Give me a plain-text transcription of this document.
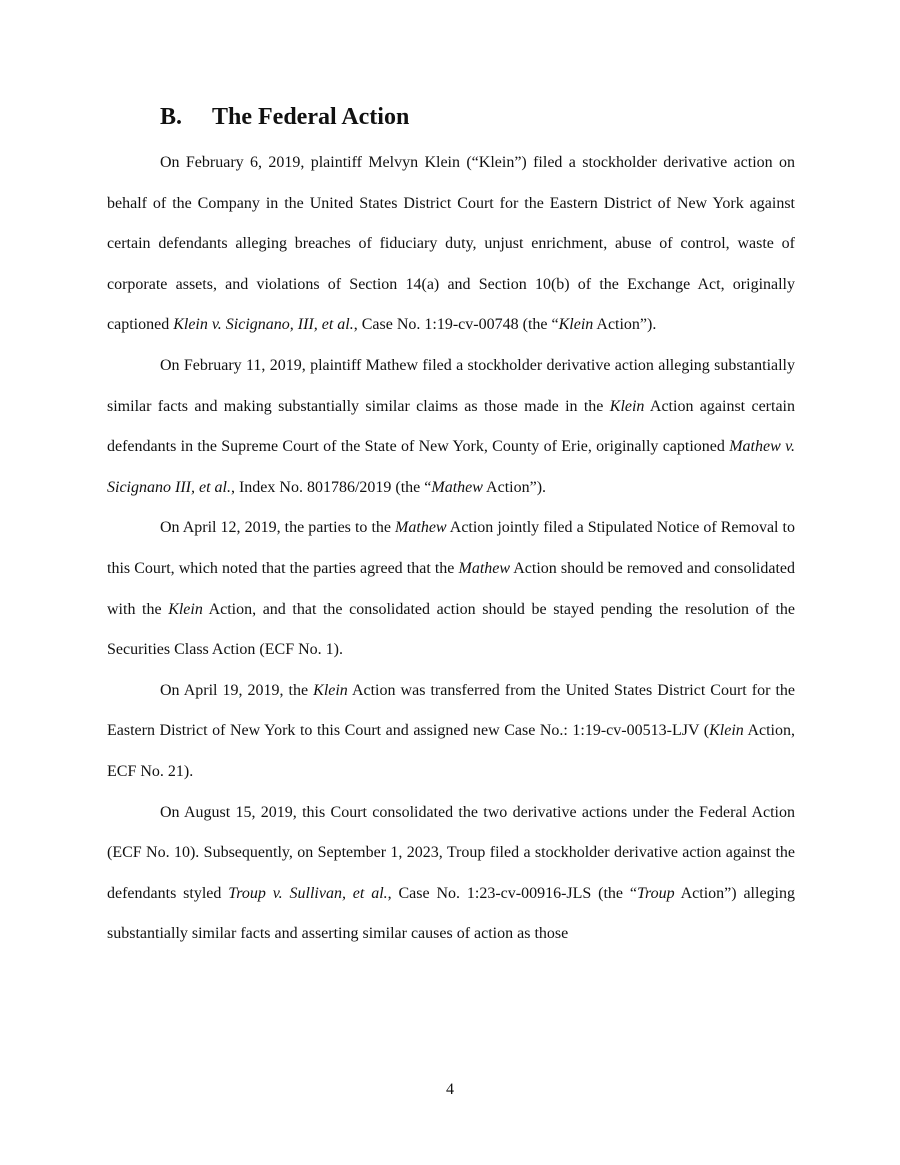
B. The Federal Action

On February 6, 2019, plaintiff Melvyn Klein (“Klein”) filed a stockholder derivative action on behalf of the Company in the United States District Court for the Eastern District of New York against certain defendants alleging breaches of fiduciary duty, unjust enrichment, abuse of control, waste of corporate assets, and violations of Section 14(a) and Section 10(b) of the Exchange Act, originally captioned Klein v. Sicignano, III, et al., Case No. 1:19-cv-00748 (the “Klein Action”).

On February 11, 2019, plaintiff Mathew filed a stockholder derivative action alleging substantially similar facts and making substantially similar claims as those made in the Klein Action against certain defendants in the Supreme Court of the State of New York, County of Erie, originally captioned Mathew v. Sicignano III, et al., Index No. 801786/2019 (the “Mathew Action”).

On April 12, 2019, the parties to the Mathew Action jointly filed a Stipulated Notice of Removal to this Court, which noted that the parties agreed that the Mathew Action should be removed and consolidated with the Klein Action, and that the consolidated action should be stayed pending the resolution of the Securities Class Action (ECF No. 1).

On April 19, 2019, the Klein Action was transferred from the United States District Court for the Eastern District of New York to this Court and assigned new Case No.: 1:19-cv-00513-LJV (Klein Action, ECF No. 21).

On August 15, 2019, this Court consolidated the two derivative actions under the Federal Action (ECF No. 10). Subsequently, on September 1, 2023, Troup filed a stockholder derivative action against the defendants styled Troup v. Sullivan, et al., Case No. 1:23-cv-00916-JLS (the “Troup Action”) alleging substantially similar facts and asserting similar causes of action as those

4
